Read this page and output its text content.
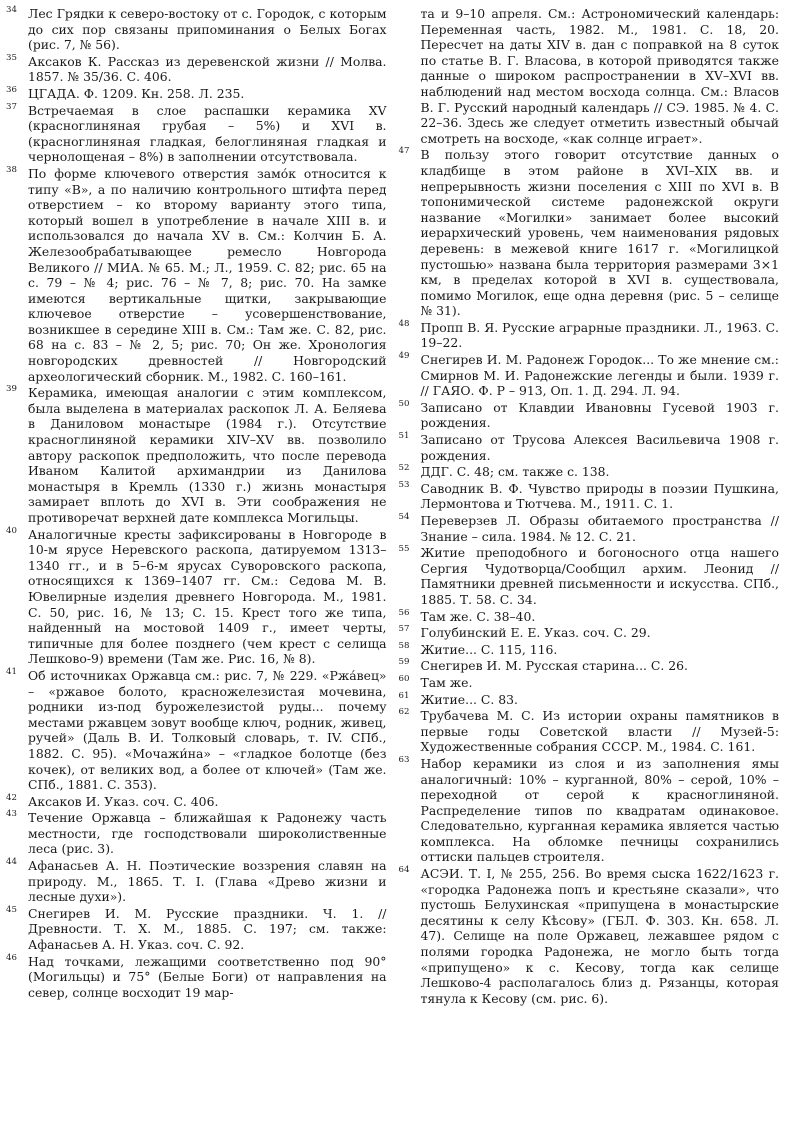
34 Лес Грядки к северо-востоку от с. Городок, с которым до сих пор связаны припоминания о Белых Богах (рис. 7, № 56).
35 Аксаков К. Рассказ из деревенской жизни // Молва. 1857. № 35/36. С. 406.
36 ЦГАДА. Ф. 1209. Кн. 258. Л. 235.
37 Встречаемая в слое распашки керамика XV (красноглиняная грубая – 5%) и XVI в. (красноглиняная гладкая, белоглиняная гладкая и чернолощеная – 8%) в заполнении отсутствовала.
38 По форме ключевого отверстия замо́к относится к типу «В», а по наличию контрольного штифта перед отверстием – ко второму варианту этого типа, который вошел в употребление в начале XIII в. и использовался до начала XV в. См.: Колчин Б. А. Железообрабатывающее ремесло Новгорода Великого // МИА. № 65. М.; Л., 1959. С. 82; рис. 65 на с. 79 – № 4; рис. 76 – № 7, 8; рис. 70. На замке имеются вертикальные щитки, закрывающие ключевое отверстие – усовершенствование, возникшее в середине XIII в. См.: Там же. С. 82, рис. 68 на с. 83 – № 2, 5; рис. 70; Он же. Хронология новгородских древностей // Новгородский археологический сборник. М., 1982. С. 160–161.
39 Керамика, имеющая аналогии с этим комплексом, была выделена в материалах раскопок Л. А. Беляева в Даниловом монастыре (1984 г.). Отсутствие красноглиняной керамики XIV–XV вв. позволило автору раскопок предположить, что после перевода Иваном Калитой архимандрии из Данилова монастыря в Кремль (1330 г.) жизнь монастыря замирает вплоть до XVI в. Эти соображения не противоречат верхней дате комплекса Могильцы.
40 Аналогичные кресты зафиксированы в Новгороде в 10-м ярусе Неревского раскопа, датируемом 1313–1340 гг., и в 5–6-м ярусах Суворовского раскопа, относящихся к 1369–1407 гг. См.: Седова М. В. Ювелирные изделия древнего Новгорода. М., 1981. С. 50, рис. 16, № 13; С. 15. Крест того же типа, найденный на мостовой 1409 г., имеет черты, типичные для более позднего (чем крест с селища Лешково-9) времени (Там же. Рис. 16, № 8).
41 Об источниках Оржавца см.: рис. 7, № 229. «Ржа́вец» – «ржавое болото, красножелезистая мочевина, родники из-под бурожелезистой руды... почему местами ржавцем зовут вообще ключ, родник, живец, ручей» (Даль В. И. Толковый словарь, т. IV. СПб., 1882. С. 95). «Мочажи́на» – «гладкое болотце (без кочек), от великих вод, а более от ключей» (Там же. СПб., 1881. С. 353).
42 Аксаков И. Указ. соч. С. 406.
43 Течение Оржавца – ближайшая к Радонежу часть местности, где господствовали широколиственные леса (рис. 3).
44 Афанасьев А. Н. Поэтические воззрения славян на природу. М., 1865. Т. I. (Глава «Древо жизни и лесные духи»).
45 Снегирев И. М. Русские праздники. Ч. 1. // Древности. Т. Х. М., 1885. С. 197; см. также: Афанасьев А. Н. Указ. соч. С. 92.
46 Над точками, лежащими соответственно под 90° (Могильцы) и 75° (Белые Боги) от направления на север, солнце восходит 19 мар-
та и 9–10 апреля. См.: Астрономический календарь: Переменная часть, 1982. М., 1981. С. 18, 20. Пересчет на даты XIV в. дан с поправкой на 8 суток по статье В. Г. Власова, в которой приводятся также данные о широком распространении в XV–XVI вв. наблюдений над местом восхода солнца. См.: Власов В. Г. Русский народный календарь // СЭ. 1985. № 4. С. 22–36. Здесь же следует отметить известный обычай смотреть на восходе, «как солнце играет».
47 В пользу этого говорит отсутствие данных о кладбище в этом районе в XVI–XIX вв. и непрерывность жизни поселения с XIII по XVI в. В топонимической системе радонежской округи название «Могилки» занимает более высокий иерархический уровень, чем наименования рядовых деревень: в межевой книге 1617 г. «Могилицкой пустошью» названа была территория размерами 3×1 км, в пределах которой в XVI в. существовала, помимо Могилок, еще одна деревня (рис. 5 – селище № 31).
48 Пропп В. Я. Русские аграрные праздники. Л., 1963. С. 19–22.
49 Снегирев И. М. Радонеж Городок... То же мнение см.: Смирнов М. И. Радонежские легенды и были. 1939 г. // ГАЯО. Ф. Р – 913, Оп. 1. Д. 294. Л. 94.
50 Записано от Клавдии Ивановны Гусевой 1903 г. рождения.
51 Записано от Трусова Алексея Васильевича 1908 г. рождения.
52 ДДГ. С. 48; см. также с. 138.
53 Саводник В. Ф. Чувство природы в поэзии Пушкина, Лермонтова и Тютчева. М., 1911. С. 1.
54 Переверзев Л. Образы обитаемого пространства // Знание – сила. 1984. № 12. С. 21.
55 Житие преподобного и богоносного отца нашего Сергия Чудотворца/Сообщил архим. Леонид // Памятники древней письменности и искусства. СПб., 1885. Т. 58. С. 34.
56 Там же. С. 38–40.
57 Голубинский Е. Е. Указ. соч. С. 29.
58 Житие... С. 115, 116.
59 Снегирев И. М. Русская старина... С. 26.
60 Там же.
61 Житие... С. 83.
62 Трубачева М. С. Из истории охраны памятников в первые годы Советской власти // Музей-5: Художественные собрания СССР. М., 1984. С. 161.
63 Набор керамики из слоя и из заполнения ямы аналогичный: 10% – курганной, 80% – серой, 10% – переходной от серой к красноглиняной. Распределение типов по квадратам одинаковое. Следовательно, курганная керамика является частью комплекса. На обломке печницы сохранились оттиски пальцев строителя.
64 АСЭИ. Т. I, № 255, 256. Во время сыска 1622/1623 г. «городка Радонежа попъ и крестьяне сказали», что пустошь Белухинская «припущена в монастырские десятины к селу Кѣсову» (ГБЛ. Ф. 303. Кн. 658. Л. 47). Селище на поле Оржавец, лежавшее рядом с полями городка Радонежа, не могло быть тогда «припущено» к с. Кесову, тогда как селище Лешково-4 располагалось близ д. Рязанцы, которая тянула к Кесову (см. рис. 6).
